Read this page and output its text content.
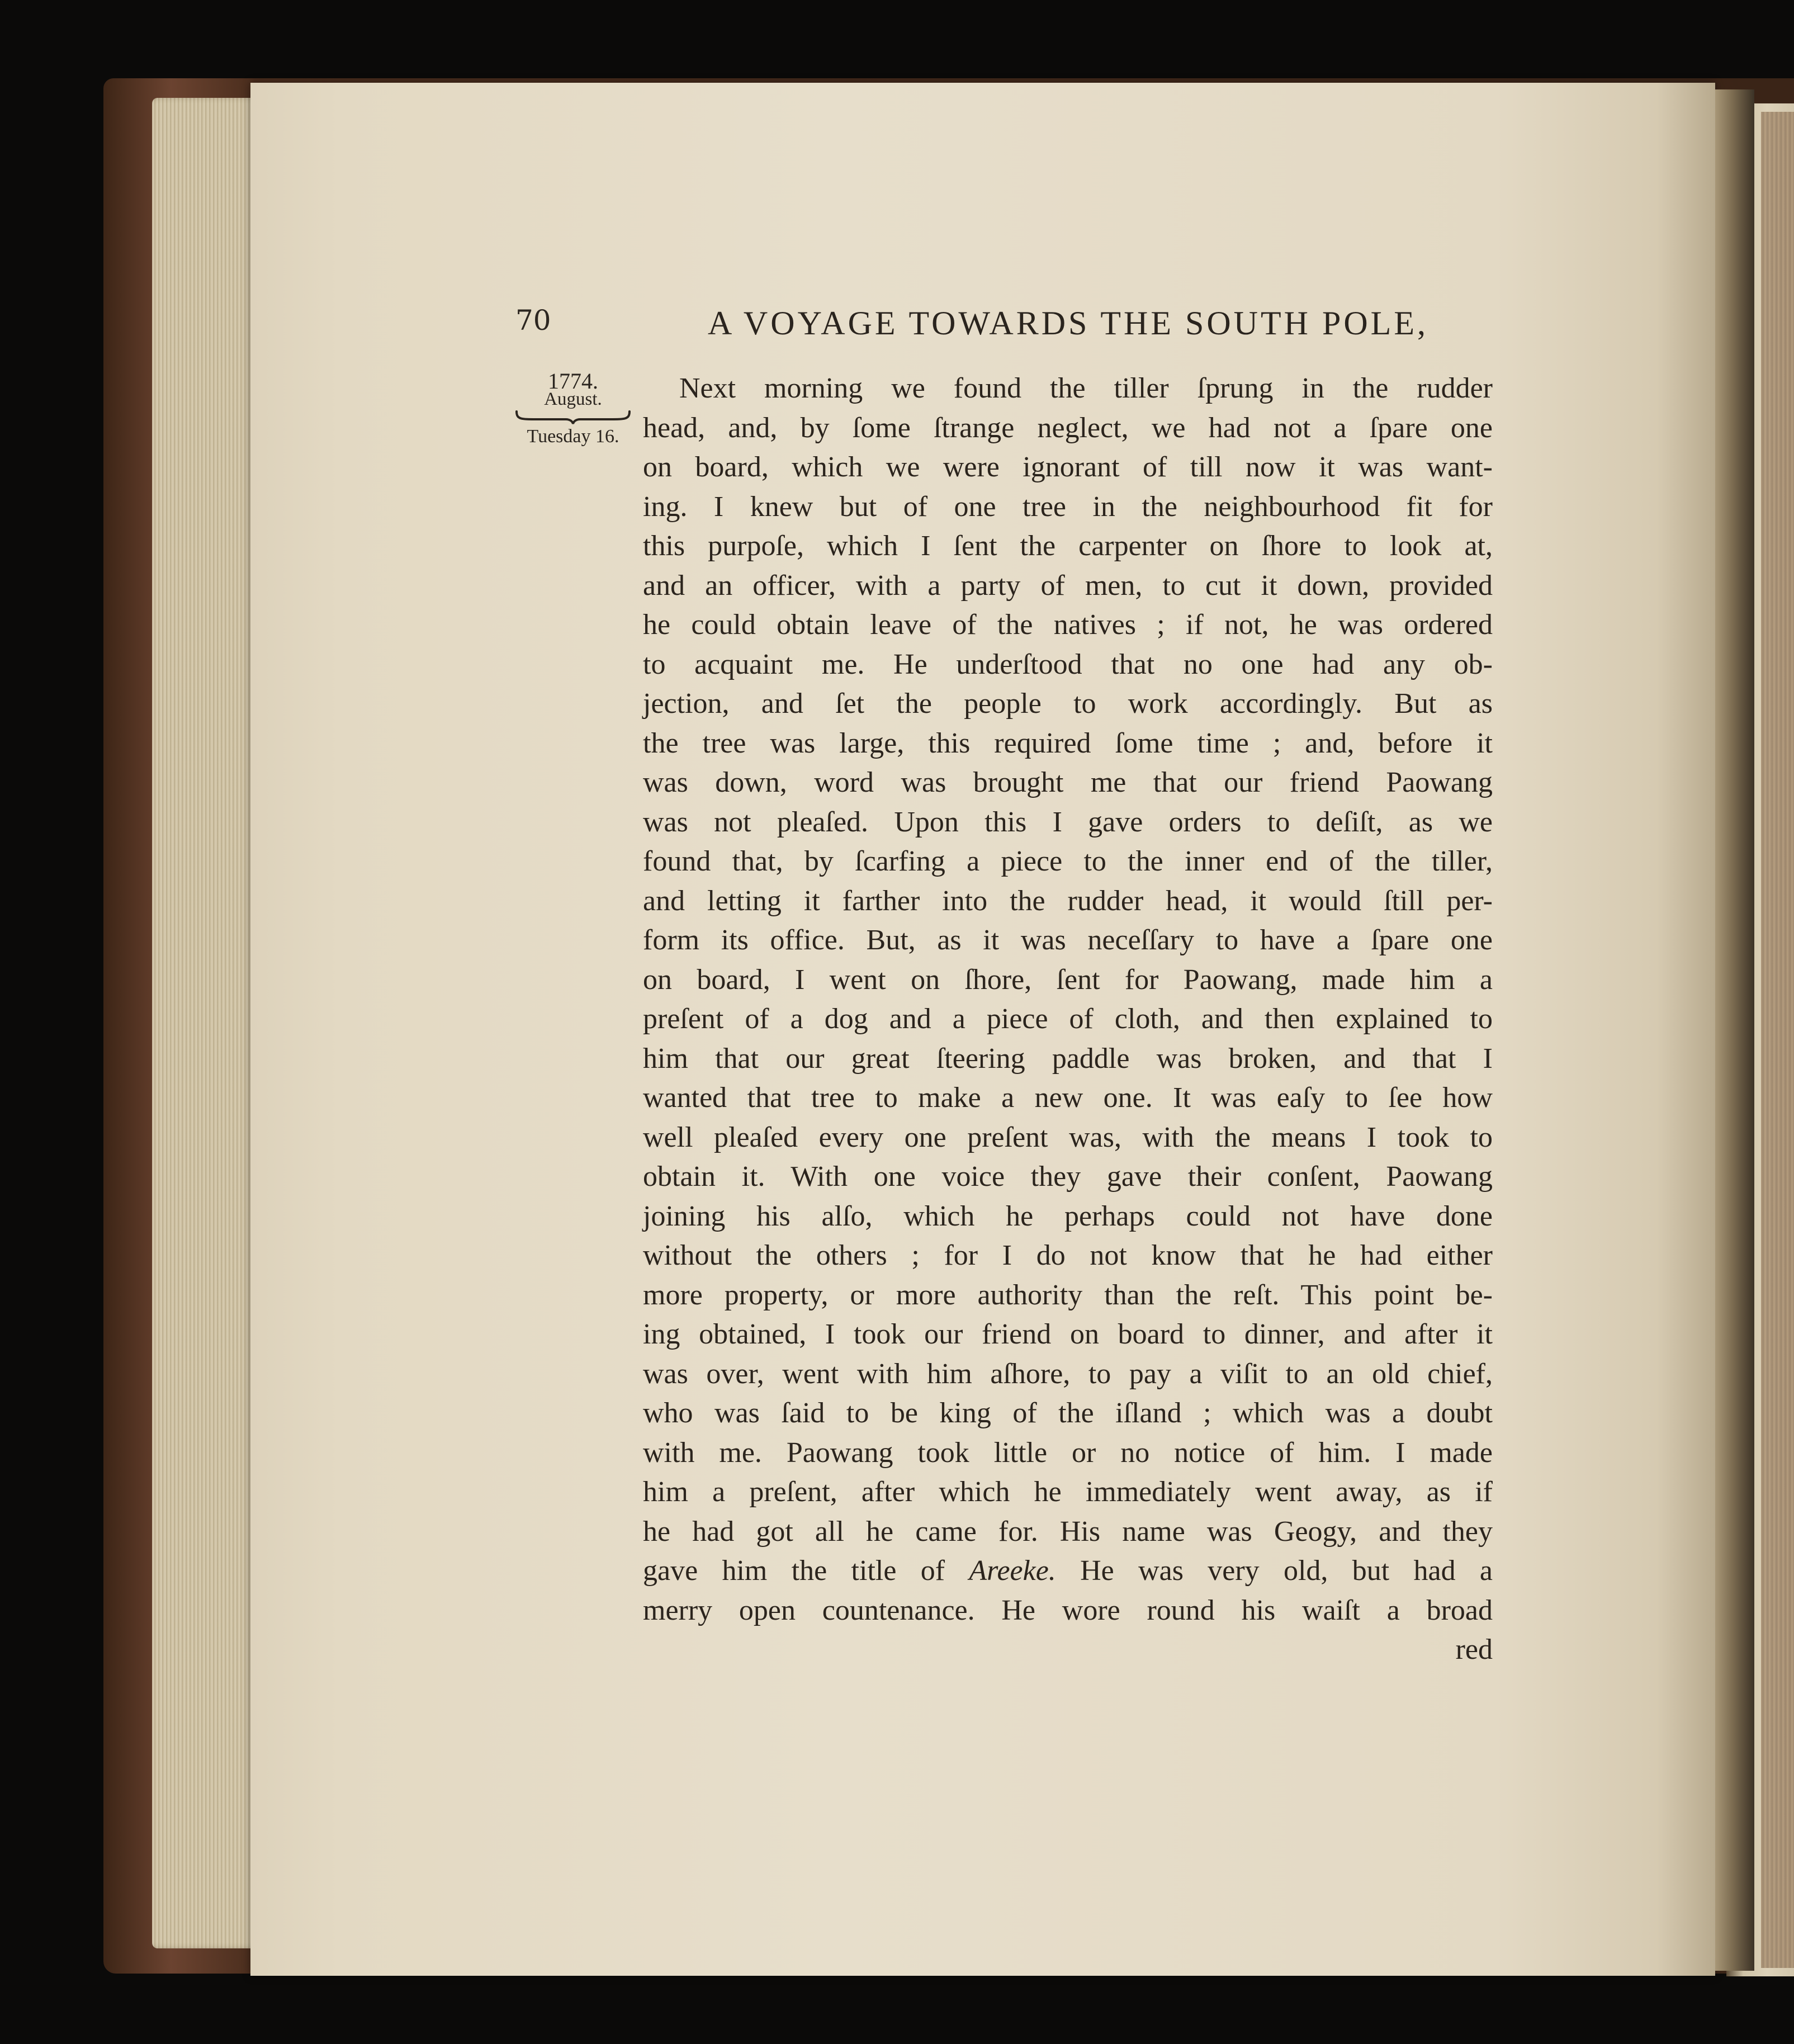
70	A VOYAGE TOWARDS THE SOUTH POLE,

1774.
August.
Tuesday 16.
Next morning we found the tiller ſprung in the rudder
head, and, by ſome ſtrange neglect, we had not a ſpare one
on board, which we were ignorant of till now it was want-
ing. I knew but of one tree in the neighbourhood fit for
this purpoſe, which I ſent the carpenter on ſhore to look at,
and an officer, with a party of men, to cut it down, provided
he could obtain leave of the natives ; if not, he was ordered
to acquaint me. He underſtood that no one had any ob-
jection, and ſet the people to work accordingly. But as
the tree was large, this required ſome time ; and, before it
was down, word was brought me that our friend Paowang
was not pleaſed. Upon this I gave orders to deſiſt, as we
found that, by ſcarfing a piece to the inner end of the tiller,
and letting it farther into the rudder head, it would ſtill per-
form its office. But, as it was neceſſary to have a ſpare one
on board, I went on ſhore, ſent for Paowang, made him a
preſent of a dog and a piece of cloth, and then explained to
him that our great ſteering paddle was broken, and that I
wanted that tree to make a new one. It was eaſy to ſee how
well pleaſed every one preſent was, with the means I took to
obtain it. With one voice they gave their conſent, Paowang
joining his alſo, which he perhaps could not have done
without the others ; for I do not know that he had either
more property, or more authority than the reſt. This point be-
ing obtained, I took our friend on board to dinner, and after it
was over, went with him aſhore, to pay a viſit to an old chief,
who was ſaid to be king of the iſland ; which was a doubt
with me. Paowang took little or no notice of him. I made
him a preſent, after which he immediately went away, as if
he had got all he came for. His name was Geogy, and they
gave him the title of Areeke. He was very old, but had a
merry open countenance. He wore round his waiſt a broad
red
